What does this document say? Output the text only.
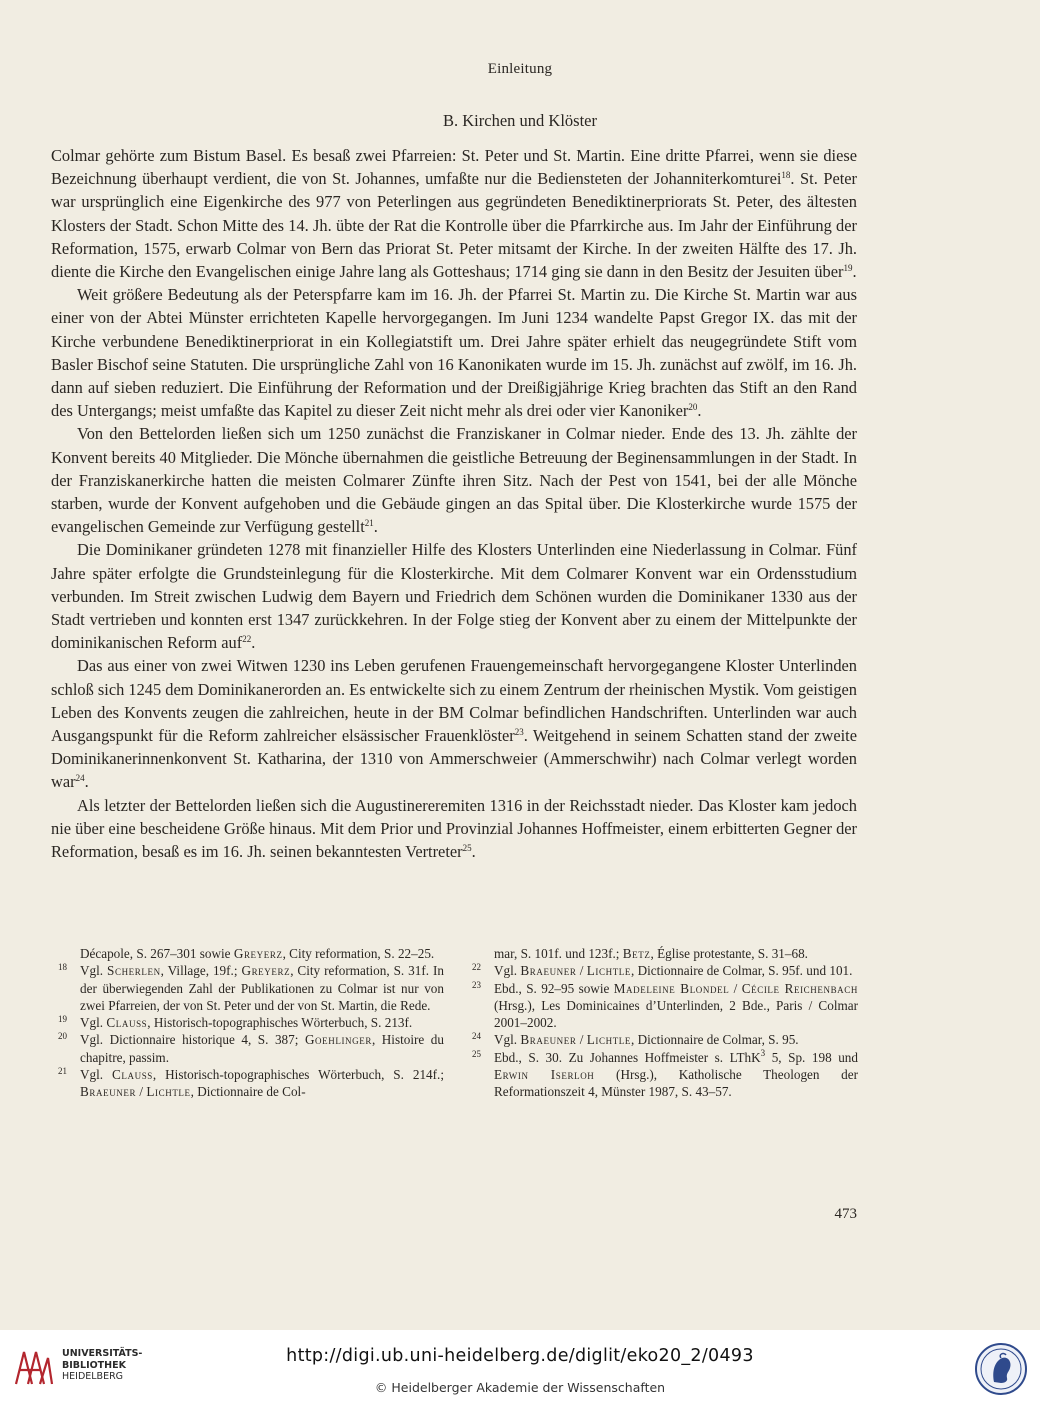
Einleitung
B. Kirchen und Klöster

Colmar gehörte zum Bistum Basel. Es besaß zwei Pfarreien: St. Peter und St. Martin. Eine dritte Pfarrei, wenn sie diese Bezeichnung überhaupt verdient, die von St. Johannes, umfaßte nur die Bediensteten der Johanniterkomturei$^{18}$. St. Peter war ursprünglich eine Eigenkirche des 977 von Peterlingen aus gegründeten Benediktinerpriorats St. Peter, des ältesten Klosters der Stadt. Schon Mitte des 14. Jh. übte der Rat die Kontrolle über die Pfarrkirche aus. Im Jahr der Einführung der Reformation, 1575, erwarb Colmar von Bern das Priorat St. Peter mitsamt der Kirche. In der zweiten Hälfte des 17. Jh. diente die Kirche den Evangelischen einige Jahre lang als Gotteshaus; 1714 ging sie dann in den Besitz der Jesuiten über$^{19}$.

Weit größere Bedeutung als der Peterspfarre kam im 16. Jh. der Pfarrei St. Martin zu. Die Kirche St. Martin war aus einer von der Abtei Münster errichteten Kapelle hervorgegangen. Im Juni 1234 wandelte Papst Gregor IX. das mit der Kirche verbundene Benediktinerpriorat in ein Kollegiatstift um. Drei Jahre später erhielt das neugegründete Stift vom Basler Bischof seine Statuten. Die ursprüngliche Zahl von 16 Kanonikaten wurde im 15. Jh. zunächst auf zwölf, im 16. Jh. dann auf sieben reduziert. Die Einführung der Reformation und der Dreißigjährige Krieg brachten das Stift an den Rand des Untergangs; meist umfaßte das Kapitel zu dieser Zeit nicht mehr als drei oder vier Kanoniker$^{20}$.

Von den Bettelorden ließen sich um 1250 zunächst die Franziskaner in Colmar nieder. Ende des 13. Jh. zählte der Konvent bereits 40 Mitglieder. Die Mönche übernahmen die geistliche Betreuung der Beginensammlungen in der Stadt. In der Franziskanerkirche hatten die meisten Colmarer Zünfte ihren Sitz. Nach der Pest von 1541, bei der alle Mönche starben, wurde der Konvent aufgehoben und die Gebäude gingen an das Spital über. Die Klosterkirche wurde 1575 der evangelischen Gemeinde zur Verfügung gestellt$^{21}$.

Die Dominikaner gründeten 1278 mit finanzieller Hilfe des Klosters Unterlinden eine Niederlassung in Colmar. Fünf Jahre später erfolgte die Grundsteinlegung für die Klosterkirche. Mit dem Colmarer Konvent war ein Ordensstudium verbunden. Im Streit zwischen Ludwig dem Bayern und Friedrich dem Schönen wurden die Dominikaner 1330 aus der Stadt vertrieben und konnten erst 1347 zurückkehren. In der Folge stieg der Konvent aber zu einem der Mittelpunkte der dominikanischen Reform auf$^{22}$.

Das aus einer von zwei Witwen 1230 ins Leben gerufenen Frauengemeinschaft hervorgegangene Kloster Unterlinden schloß sich 1245 dem Dominikanerorden an. Es entwickelte sich zu einem Zentrum der rheinischen Mystik. Vom geistigen Leben des Konvents zeugen die zahlreichen, heute in der BM Colmar befindlichen Handschriften. Unterlinden war auch Ausgangspunkt für die Reform zahlreicher elsässischer Frauenklöster$^{23}$. Weitgehend in seinem Schatten stand der zweite Dominikanerinnenkonvent St. Katharina, der 1310 von Ammerschweier (Ammerschwihr) nach Colmar verlegt worden war$^{24}$.

Als letzter der Bettelorden ließen sich die Augustinereremiten 1316 in der Reichsstadt nieder. Das Kloster kam jedoch nie über eine bescheidene Größe hinaus. Mit dem Prior und Provinzial Johannes Hoffmeister, einem erbitterten Gegner der Reformation, besaß es im 16. Jh. seinen bekanntesten Vertreter$^{25}$.

Décapole, S. 267–301 sowie Greyerz, City reformation, S. 22–25.

18 Vgl. Scherlen, Village, 19f.; Greyerz, City reformation, S. 31f. In der überwiegenden Zahl der Publikationen zu Colmar ist nur von zwei Pfarreien, der von St. Peter und der von St. Martin, die Rede.

19 Vgl. Clauss, Historisch-topographisches Wörterbuch, S. 213f.

20 Vgl. Dictionnaire historique 4, S. 387; Goehlinger, Histoire du chapitre, passim.

21 Vgl. Clauss, Historisch-topographisches Wörterbuch, S. 214f.; Braeuner / Lichtle, Dictionnaire de Col-

mar, S. 101f. und 123f.; Betz, Église protestante, S. 31–68.

22 Vgl. Braeuner / Lichtle, Dictionnaire de Colmar, S. 95f. und 101.

23 Ebd., S. 92–95 sowie Madeleine Blondel / Cécile Reichenbach (Hrsg.), Les Dominicaines d’Unterlinden, 2 Bde., Paris / Colmar 2001–2002.

24 Vgl. Braeuner / Lichtle, Dictionnaire de Colmar, S. 95.

25 Ebd., S. 30. Zu Johannes Hoffmeister s. LThK$^3$ 5, Sp. 198 und Erwin Iserloh (Hrsg.), Katholische Theologen der Reformationszeit 4, Münster 1987, S. 43–57.

473
UNIVERSITÄTS-
BIBLIOTHEK
HEIDELBERG
http://digi.ub.uni-heidelberg.de/diglit/eko20_2/0493
© Heidelberger Akademie der Wissenschaften
